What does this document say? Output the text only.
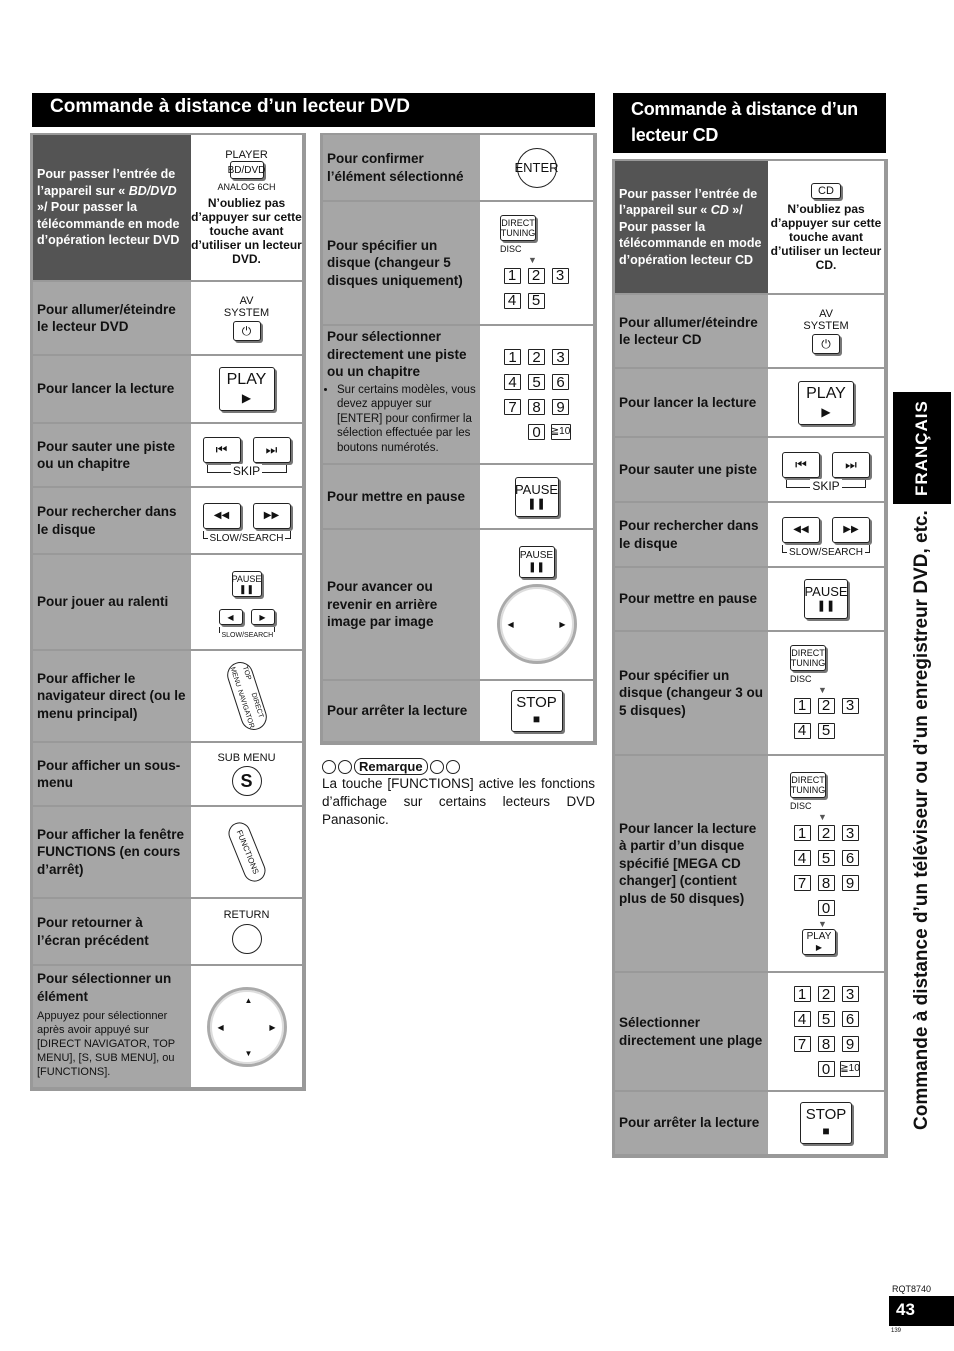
Commande à distance d’un lecteur DVD
Pour passer l’entrée de l’appareil sur « BD/DVD »/ Pour passer la télécommande en mode d’opération lecteur DVD
PLAYER
BD/DVD
ANALOG 6CH
N’oubliez pas d’appuyer sur cette touche avant d’utiliser un lecteur DVD.
Pour allumer/éteindre le lecteur DVD
AV
SYSTEM
⏻
Pour lancer la lecture
PLAY
▶
Pour sauter une piste ou un chapitre
⏮	⏭
SKIP
Pour rechercher dans le disque
◀◀	▶▶
SLOW/SEARCH
Pour jouer au ralenti
PAUSE
❚❚
◀	▶
SLOW/SEARCH
Pour afficher le navigateur direct (ou le menu principal)
TOP MENU
DIRECT NAVIGATOR
Pour afficher un sous-menu
SUB MENU
S
Pour afficher la fenêtre FUNCTIONS (en cours d’arrêt)	FUNCTIONS
Pour retourner à l’écran précédent
RETURN
Pour sélectionner un élément
Appuyez pour sélectionner après avoir appuyé sur [DIRECT NAVIGATOR, TOP MENU], [S, SUB MENU], ou [FUNCTIONS].
▲
▼
◀	▶
Pour confirmer l’élément sélectionné
ENTER
Pour spécifier un disque (changeur 5 disques uniquement)
DIRECT TUNING
DISC
▼
1 2 3
4 5
Pour sélectionner directement une piste ou un chapitre
• Sur certains modèles, vous devez appuyer sur [ENTER] pour confirmer la sélection effectuée par les boutons numérotés.
1 2 3
4 5 6
7 8 9
0	≧10
Pour mettre en pause	PAUSE
❚❚
Pour avancer ou revenir en arrière image par image
PAUSE
❚❚
◀	▶
Pour arrêter la lecture	STOP
■
Remarque

La touche [FUNCTIONS] active les fonctions d’affichage sur certains lecteurs DVD Panasonic.

Commande à distance d’un lecteur CD
Pour passer l’entrée de l’appareil sur « CD »/ Pour passer la télécommande en mode d’opération lecteur CD
CD
N’oubliez pas d’appuyer sur cette touche avant d’utiliser un lecteur CD.
Pour allumer/éteindre le lecteur CD
AV
SYSTEM
⏻
Pour lancer la lecture
PLAY
▶
Pour sauter une piste	⏮	⏭
SKIP
Pour rechercher dans le disque
◀◀	▶▶
SLOW/SEARCH
Pour mettre en pause	PAUSE
❚❚
Pour spécifier un disque (changeur 3 ou 5 disques)
DIRECT TUNING
DISC
▼
1 2 3
4 5
Pour lancer la lecture à partir d’un disque spécifié [MEGA CD changer] (contient plus de 50 disques)
DIRECT TUNING
DISC
▼
1 2 3
4 5 6
7 8 9
0
▼
PLAY
▶
Sélectionner directement une plage
1 2 3
4 5 6
7 8 9
0	≧10
Pour arrêter la lecture	STOP
■
FRANÇAIS
Commande à distance d’un téléviseur ou d’un enregistreur DVD, etc.
RQT8740
43
139
